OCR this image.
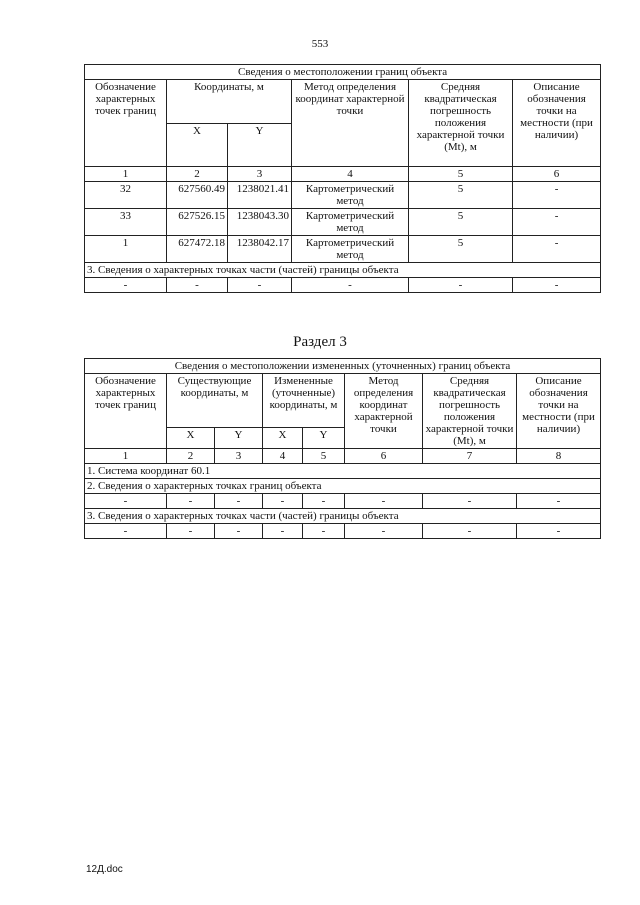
553
Сведения о местоположении границ объекта					
Обозначение характерных точек границ	Координаты, м		Метод определения координат характерной точки	Средняя квадратическая погрешность положения характерной точки (Mt), м	Описание обозначения точки на местности (при наличии)
	X	Y			
1	2	3	4	5	6
32	627560.49	1238021.41	Картометрический метод	5	-
33	627526.15	1238043.30	Картометрический метод	5	-
1	627472.18	1238042.17	Картометрический метод	5	-
3. Сведения о характерных точках части (частей) границы объекта					
-	-	-	-	-	-
Раздел 3
Сведения о местоположении измененных (уточненных) границ объекта							
Обозначение характерных точек границ	Существующие координаты, м		Измененные (уточненные) координаты, м		Метод определения координат характерной точки	Средняя квадратическая погрешность положения характерной точки (Mt), м	Описание обозначения точки на местности (при наличии)
	X	Y	X	Y			
1	2	3	4	5	6	7	8
1. Система координат 60.1							
2. Сведения о характерных точках границ объекта							
-	-	-	-	-	-	-	-
3. Сведения о характерных точках части (частей) границы объекта							
-	-	-	-	-	-	-	-
12Д.doc
